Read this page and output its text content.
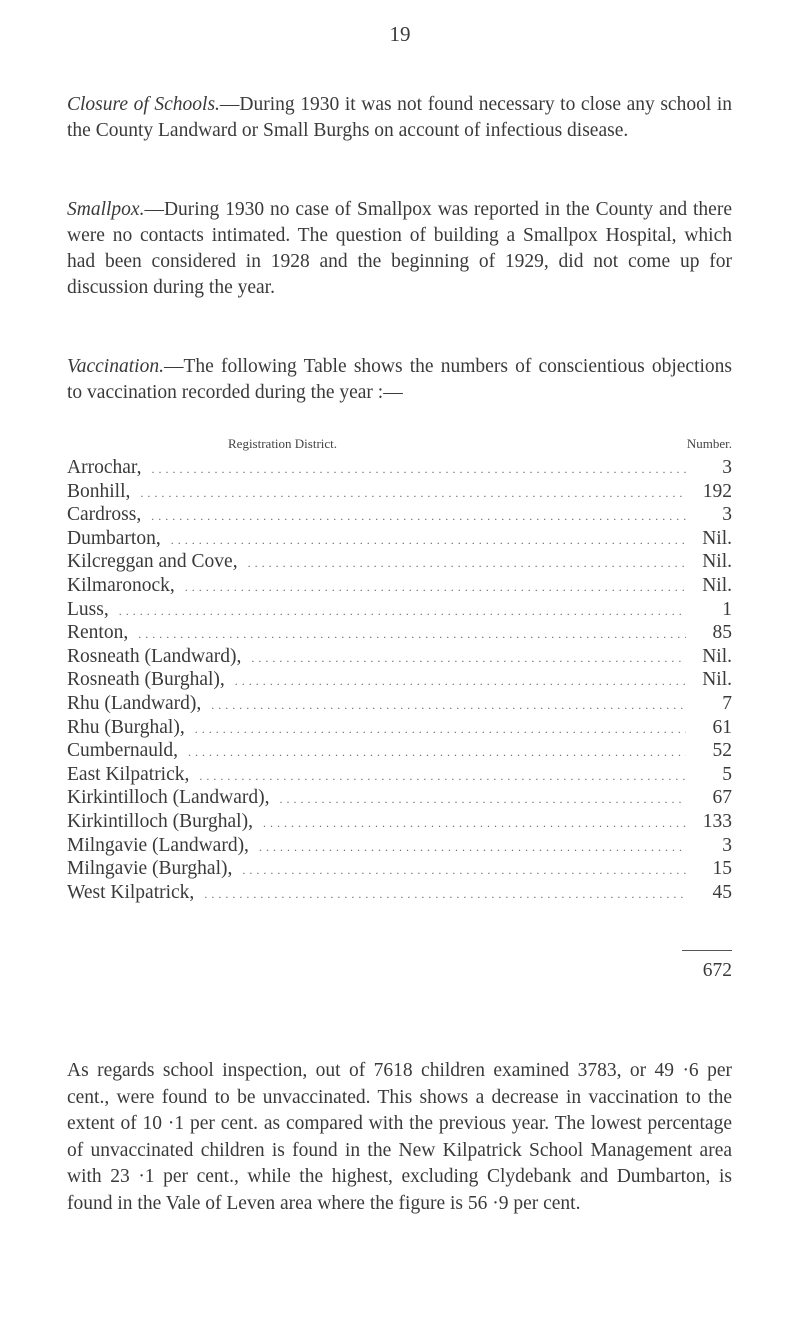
19

Closure of Schools.—During 1930 it was not found necessary to close any school in the County Landward or Small Burghs on account of infectious disease.

Smallpox.—During 1930 no case of Smallpox was reported in the County and there were no contacts intimated. The question of building a Smallpox Hospital, which had been considered in 1928 and the beginning of 1929, did not come up for discussion during the year.

Vaccination.—The following Table shows the numbers of conscientious objections to vaccination recorded during the year :—

Registration District.	Number.
Arrochar, .....	3
Bonhill, .....	192
Cardross, .....	3
Dumbarton, .....	Nil.
Kilcreggan and Cove, .....	Nil.
Kilmaronock, .....	Nil.
Luss, .....	1
Renton, .....	85
Rosneath (Landward), .....	Nil.
Rosneath (Burghal), .....	Nil.
Rhu (Landward), .....	7
Rhu (Burghal), .....	61
Cumbernauld, .....	52
East Kilpatrick, .....	5
Kirkintilloch (Landward), .....	67
Kirkintilloch (Burghal), .....	133
Milngavie (Landward), .....	3
Milngavie (Burghal), .....	15
West Kilpatrick, .....	45
672

As regards school inspection, out of 7618 children examined 3783, or 49 ·6 per cent., were found to be unvaccinated. This shows a decrease in vaccination to the extent of 10 ·1 per cent. as compared with the previous year. The lowest percentage of unvaccinated children is found in the New Kilpatrick School Management area with 23 ·1 per cent., while the highest, excluding Clydebank and Dumbarton, is found in the Vale of Leven area where the figure is 56 ·9 per cent.
